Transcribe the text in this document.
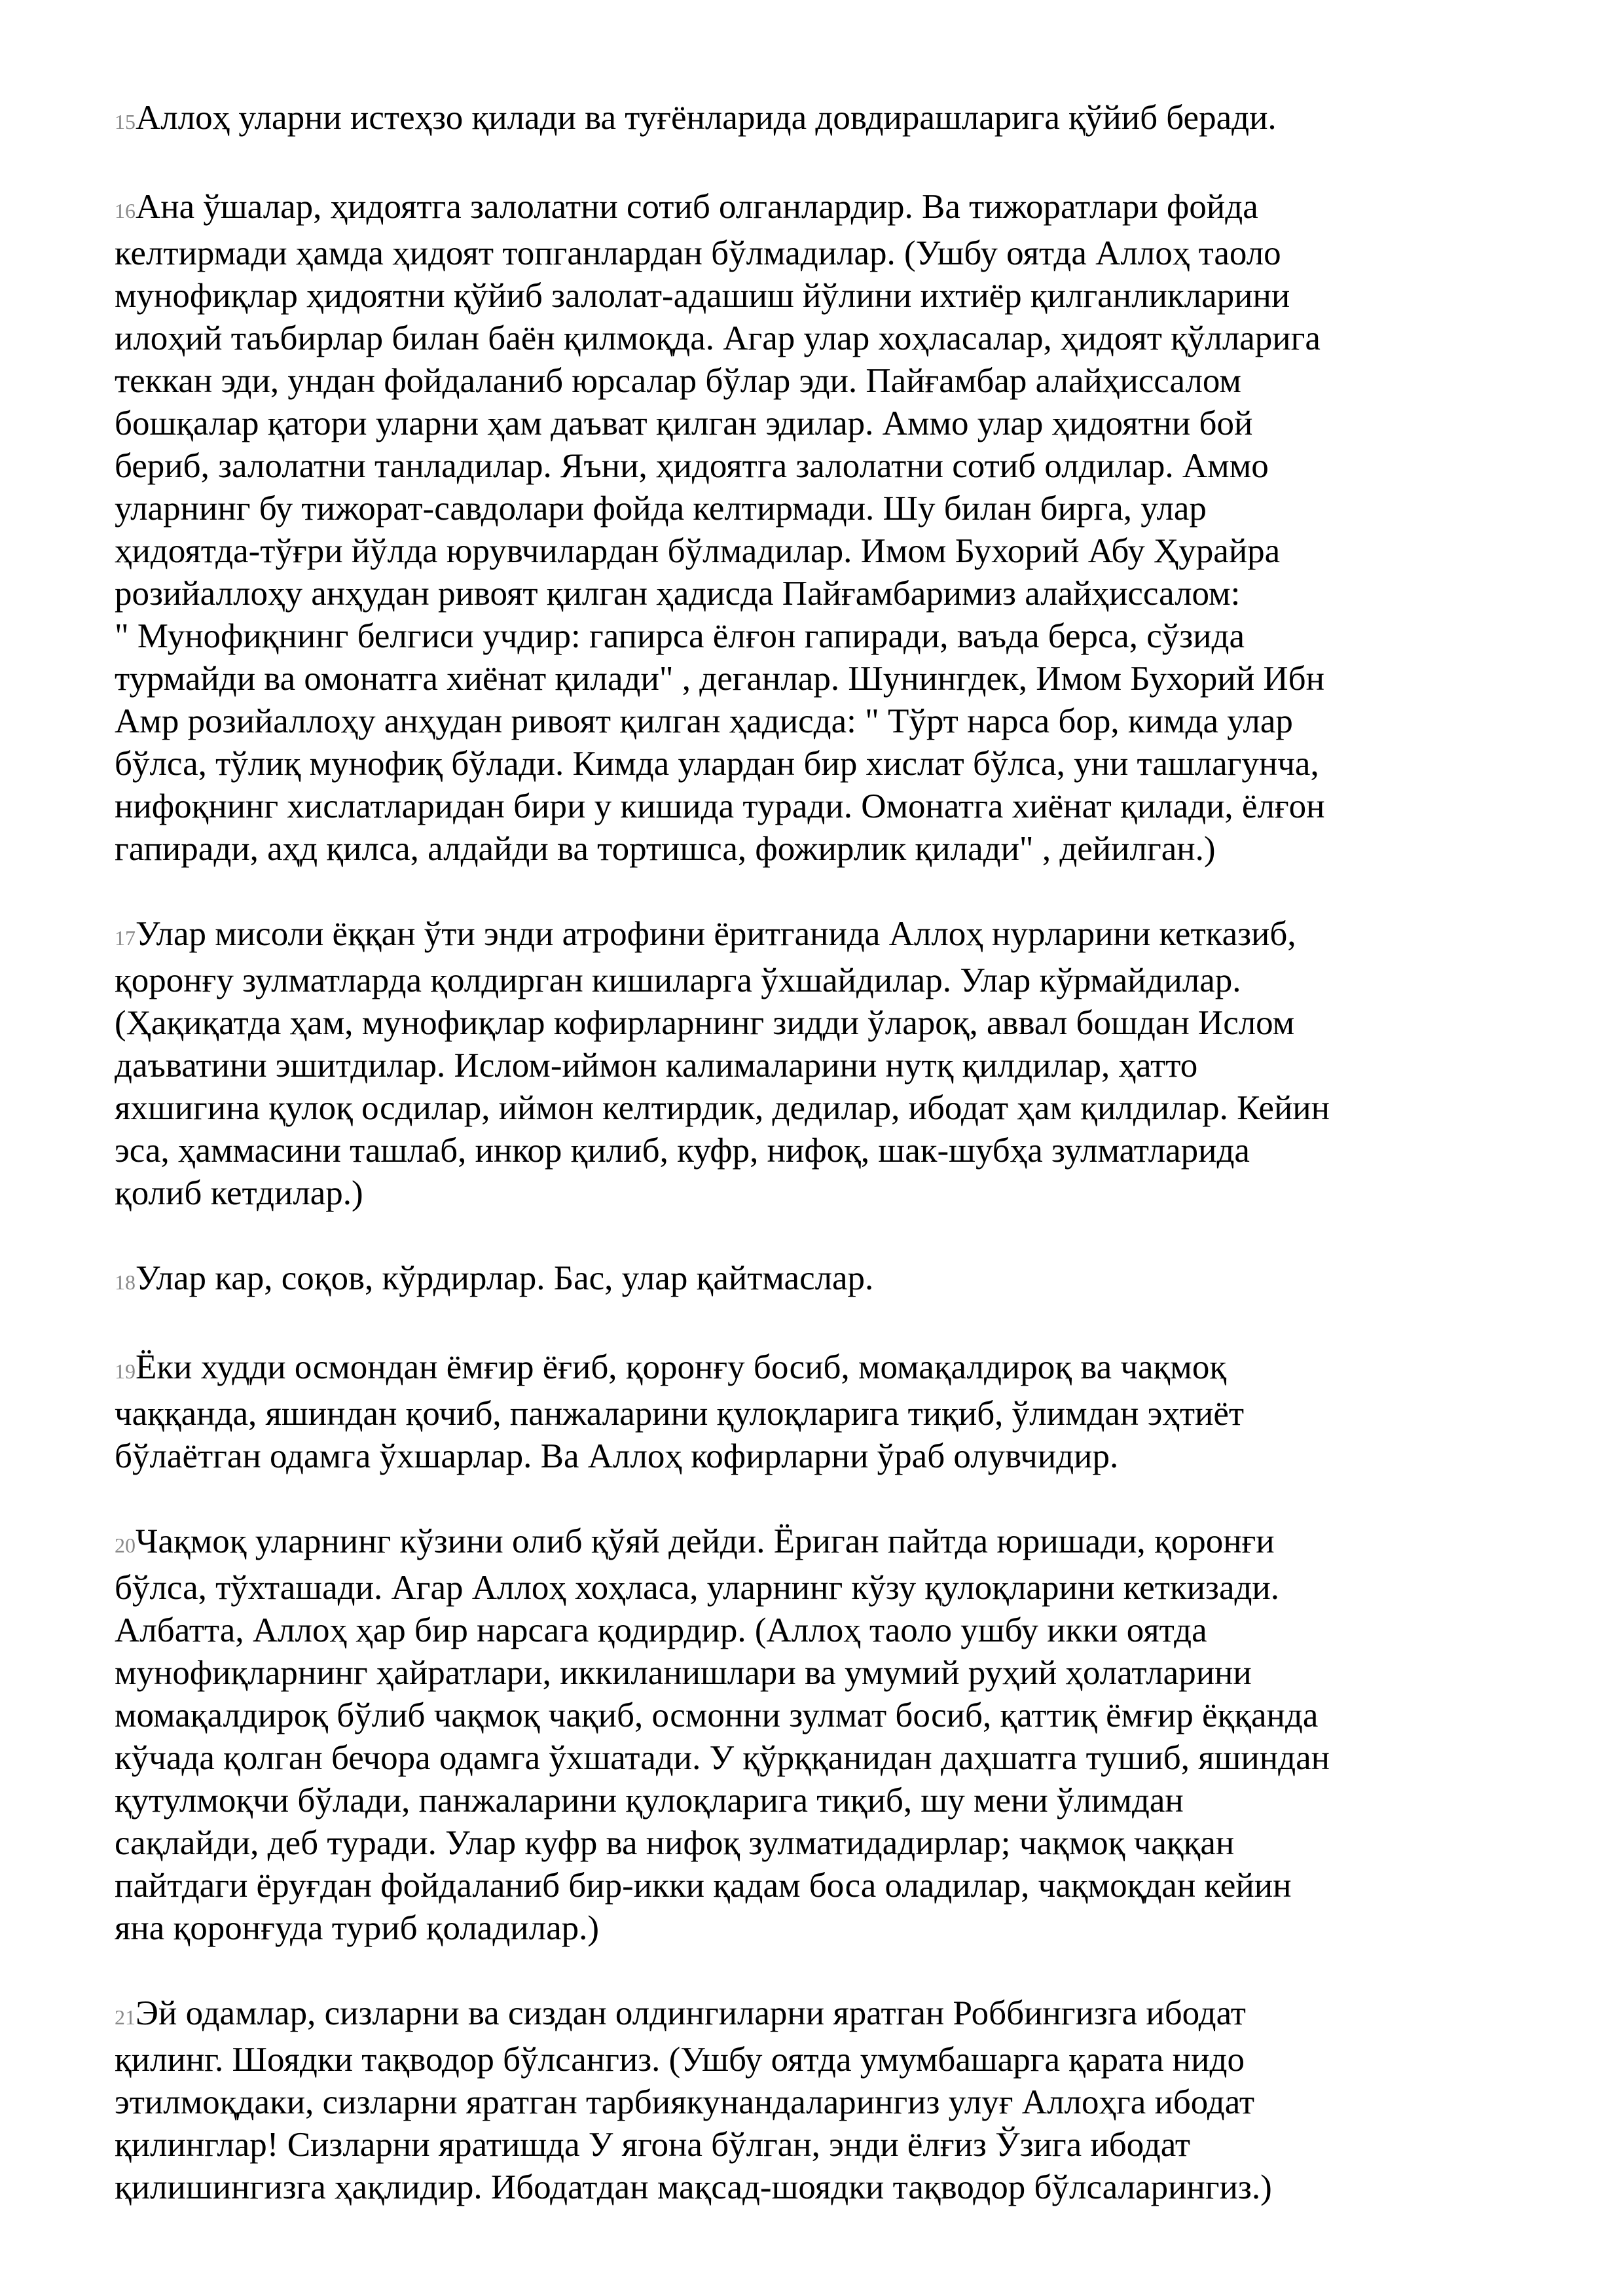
15Аллоҳ уларни истеҳзо қилади ва туғёнларида довдирашларига қўйиб беради.

16Ана ўшалар, ҳидоятга залолатни сотиб олганлардир. Ва тижоратлари фойда
келтирмади ҳамда ҳидоят топганлардан бўлмадилар. (Ушбу оятда Аллоҳ таоло
мунофиқлар ҳидоятни қўйиб залолат-адашиш йўлини ихтиёр қилганликларини
илоҳий таъбирлар билан баён қилмоқда. Агар улар хоҳласалар, ҳидоят қўлларига
теккан эди, ундан фойдаланиб юрсалар бўлар эди. Пайғамбар алайҳиссалом
бошқалар қатори уларни ҳам даъват қилган эдилар. Аммо улар ҳидоятни бой
бериб, залолатни танладилар. Яъни, ҳидоятга залолатни сотиб олдилар. Аммо
уларнинг бу тижорат-савдолари фойда келтирмади. Шу билан бирга, улар
ҳидоятда-тўғри йўлда юрувчилардан бўлмадилар. Имом Бухорий Абу Ҳурайра
розийаллоҳу анҳудан ривоят қилган ҳадисда Пайғамбаримиз алайҳиссалом:
" Мунофиқнинг белгиси учдир: гапирса ёлғон гапиради, ваъда берса, сўзида
турмайди ва омонатга хиёнат қилади" , деганлар. Шунингдек, Имом Бухорий Ибн
Амр розийаллоҳу анҳудан ривоят қилган ҳадисда: " Тўрт нарса бор, кимда улар
бўлса, тўлиқ мунофиқ бўлади. Кимда улардан бир хислат бўлса, уни ташлагунча,
нифоқнинг хислатларидан бири у кишида туради. Омонатга хиёнат қилади, ёлғон
гапиради, аҳд қилса, алдайди ва тортишса, фожирлик қилади" , дейилган.)

17Улар мисоли ёққан ўти энди атрофини ёритганида Аллоҳ нурларини кетказиб,
қоронғу зулматларда қолдирган кишиларга ўхшайдилар. Улар кўрмайдилар.
(Ҳақиқатда ҳам, мунофиқлар кофирларнинг зидди ўлароқ, аввал бошдан Ислом
даъватини эшитдилар. Ислом-иймон калималарини нутқ қилдилар, ҳатто
яхшигина қулоқ осдилар, иймон келтирдик, дедилар, ибодат ҳам қилдилар. Кейин
эса, ҳаммасини ташлаб, инкор қилиб, куфр, нифоқ, шак-шубҳа зулматларида
қолиб кетдилар.)

18Улар кар, соқов, кўрдирлар. Бас, улар қайтмаслар.

19Ёки худди осмондан ёмғир ёғиб, қоронғу босиб, момақалдироқ ва чақмоқ
чаққанда, яшиндан қочиб, панжаларини қулоқларига тиқиб, ўлимдан эҳтиёт
бўлаётган одамга ўхшарлар. Ва Аллоҳ кофирларни ўраб олувчидир.

20Чақмоқ уларнинг кўзини олиб қўяй дейди. Ёриган пайтда юришади, қоронғи
бўлса, тўхташади. Агар Аллоҳ хоҳласа, уларнинг кўзу қулоқларини кеткизади.
Албатта, Аллоҳ ҳар бир нарсага қодирдир. (Аллоҳ таоло ушбу икки оятда
мунофиқларнинг ҳайратлари, иккиланишлари ва умумий руҳий ҳолатларини
момақалдироқ бўлиб чақмоқ чақиб, осмонни зулмат босиб, қаттиқ ёмғир ёққанда
кўчада қолган бечора одамга ўхшатади. У қўрққанидан даҳшатга тушиб, яшиндан
қутулмоқчи бўлади, панжаларини қулоқларига тиқиб, шу мени ўлимдан
сақлайди, деб туради. Улар куфр ва нифоқ зулматидадирлар; чақмоқ чаққан
пайтдаги ёруғдан фойдаланиб бир-икки қадам боса оладилар, чақмоқдан кейин
яна қоронғуда туриб қоладилар.)

21Эй одамлар, сизларни ва сиздан олдингиларни яратган Роббингизга ибодат
қилинг. Шоядки тақводор бўлсангиз. (Ушбу оятда умумбашарга қарата нидо
этилмоқдаки, сизларни яратган тарбиякунандаларингиз улуғ Аллоҳга ибодат
қилинглар! Сизларни яратишда У ягона бўлган, энди ёлғиз Ўзига ибодат
қилишингизга ҳақлидир. Ибодатдан мақсад-шоядки тақводор бўлсаларингиз.)
